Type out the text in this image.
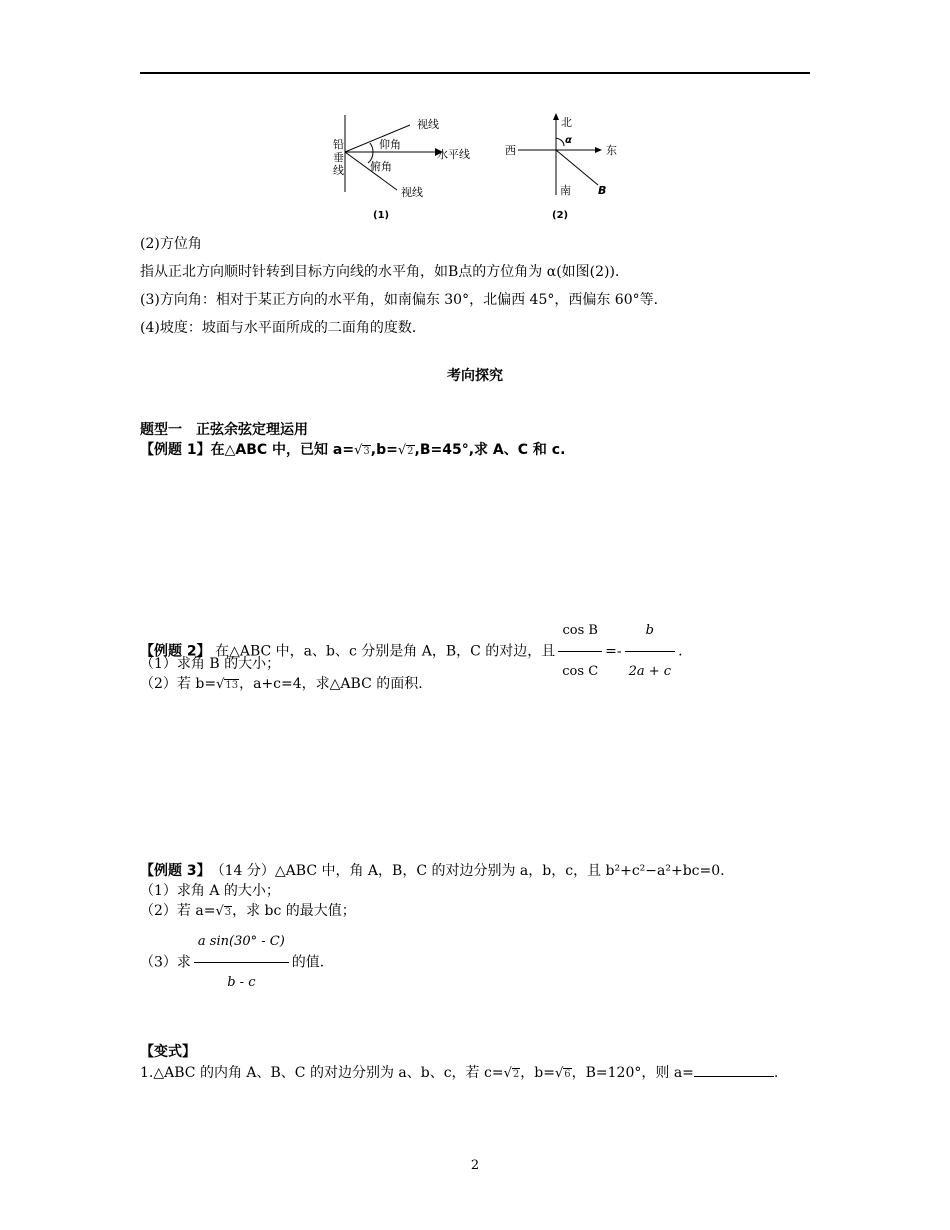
铅
垂
线
视线
仰角
水平线
俯角
视线
(1)
北
西	东
α
南 B
(2)
(2)方位角
指从正北方向顺时针转到目标方向线的水平角，如B点的方位角为 α(如图(2))．
(3)方向角：相对于某正方向的水平角，如南偏东 30°，北偏西 45°，西偏东 60°等．
(4)坡度：坡面与水平面所成的二面角的度数．
考向探究
题型一　正弦余弦定理运用
【例题 1】在△ABC 中，已知 a=√3,b=√2,B=45°,求 A、C 和 c.
【例题 2】 在△ABC 中，a、b、c 分别是角 A，B，C 的对边，且 $\frac{\text{cos B}}{\text{cos C}} =- \frac{b}{2a + c}$ .
（1）求角 B 的大小；
（2）若 b=√13，a+c=4，求△ABC 的面积.
【例题 3】　（14 分）△ABC 中，角 A，B，C 的对边分别为 a，b，c，且 b²+c²−a²+bc=0.
（1）求角 A 的大小；
（2）若 a=√3，求 bc 的最大值；
（3）求 $\frac{\text{a sin(30° - C)}}{b - c}$ 的值.
【变式】
1.△ABC 的内角 A、B、C 的对边分别为 a、b、c，若 c=√2，b=√6，B=120°，则 a=	.
2
